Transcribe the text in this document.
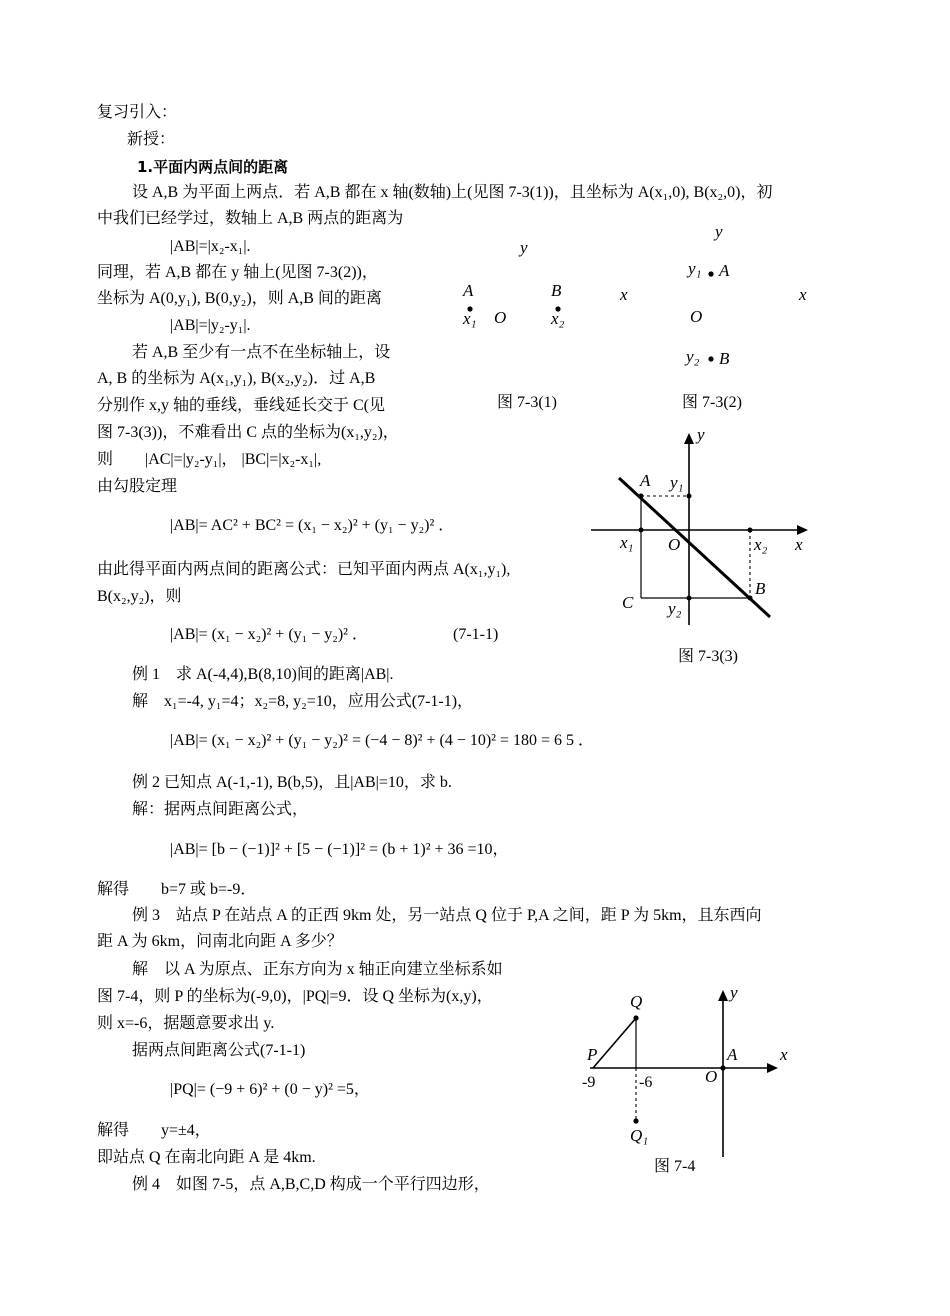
复习引入：
新授：
1.平面内两点间的距离
设 A,B 为平面上两点．若 A,B 都在 x 轴(数轴)上(见图 7-3(1))，且坐标为 A(x₁,0), B(x₂,0)，初
中我们已经学过，数轴上 A,B 两点的距离为
|AB|=|x₂-x₁|.
同理，若 A,B 都在 y 轴上(见图 7-3(2))，
坐标为 A(0,y₁), B(0,y₂)，则 A,B 间的距离
|AB|=|y₂-y₁|.
若 A,B 至少有一点不在坐标轴上，设
A, B 的坐标为 A(x₁,y₁), B(x₂,y₂)．过 A,B
分别作 x,y 轴的垂线，垂线延长交于 C(见
图 7-3(3))，不难看出 C 点的坐标为(x₁,y₂)，
则　　|AC|=|y₂-y₁|， |BC|=|x₂-x₁|,
由勾股定理
|AB|= AC² + BC² = (x₁ − x₂)² + (y₁ − y₂)² ．
由此得平面内两点间的距离公式：已知平面内两点 A(x₁,y₁),
B(x₂,y₂)，则
|AB|= (x₁ − x₂)² + (y₁ − y₂)² ．	(7-1-1)
例 1　求 A(-4,4),B(8,10)间的距离|AB|.
解　x₁=-4, y₁=4；x₂=8, y₂=10，应用公式(7-1-1)，
|AB|= (x₁ − x₂)² + (y₁ − y₂)² = (−4 − 8)² + (4 − 10)² = 180 = 6 5 ．
例 2 已知点 A(-1,-1), B(b,5)，且|AB|=10，求 b.
解：据两点间距离公式，
|AB|= [b − (−1)]² + [5 − (−1)]² = (b + 1)² + 36 =10，
解得　　b=7 或 b=-9．
例 3　站点 P 在站点 A 的正西 9km 处，另一站点 Q 位于 P,A 之间，距 P 为 5km，且东西向
距 A 为 6km，问南北向距 A 多少？
解　以 A 为原点、正东方向为 x 轴正向建立坐标系如
图 7-4，则 P 的坐标为(-9,0)，|PQ|=9．设 Q 坐标为(x,y)，
则 x=-6，据题意要求出 y.
据两点间距离公式(7-1-1)
|PQ|= (−9 + 6)² + (0 − y)² =5，
解得　　y=±4，
即站点 Q 在南北向距 A 是 4km.
例 4　如图 7-5，点 A,B,C,D 构成一个平行四边形，
y
A	B	x
x₁ O	x₂
图 7-3(1)
y
y₁ A
x
O
y₂ B
图 7-3(2)
y
A y₁
x₁ O	x₂ x
B
C y₂
图 7-3(3)
y
Q
P	A	x
O
-9	-6
Q₁
图 7-4
